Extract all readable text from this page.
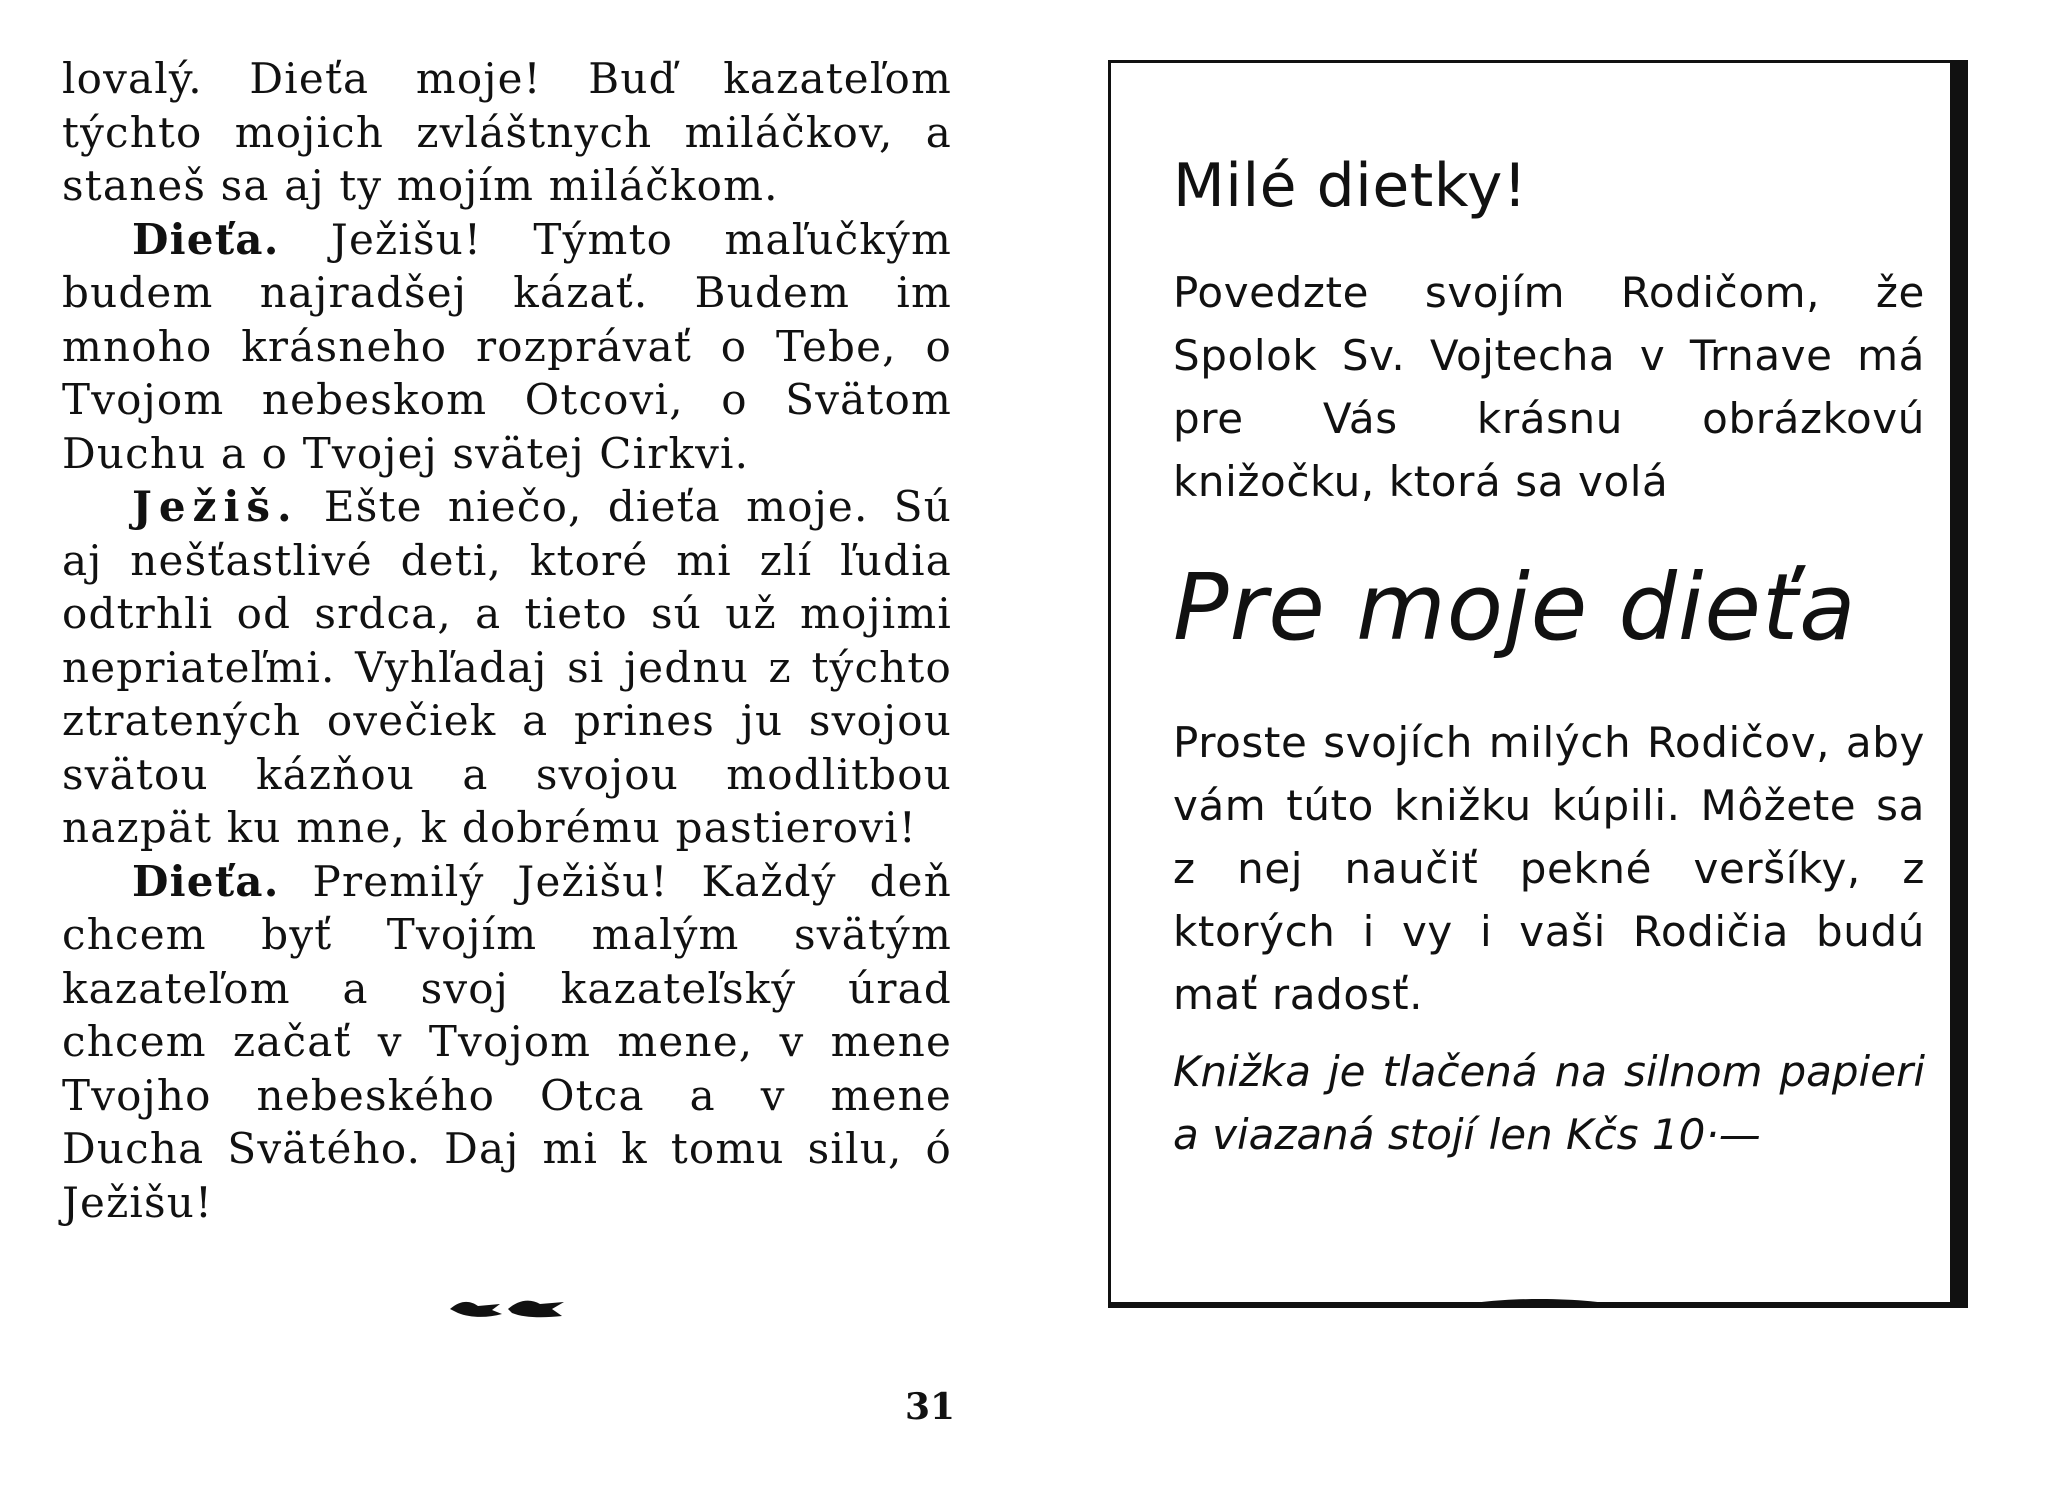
lovalý. Dieťa moje! Buď kazateľom týchto mojich zvláštnych miláčkov, a staneš sa aj ty mojím miláčkom.

Dieťa. Ježišu! Týmto maľučkým budem najradšej kázať. Budem im mnoho krásneho rozprávať o Tebe, o Tvojom nebeskom Otcovi, o Svätom Duchu a o Tvojej svätej Cirkvi.

Ježiš. Ešte niečo, dieťa moje. Sú aj nešťastlivé deti, ktoré mi zlí ľudia odtrhli od srdca, a tieto sú už mojimi nepriateľmi. Vyhľadaj si jednu z týchto ztratených ovečiek a prines ju svojou svätou kázňou a svojou modlitbou nazpät ku mne, k dobrému pastierovi!

Dieťa. Premilý Ježišu! Každý deň chcem byť Tvojím malým svätým kazateľom a svoj kazateľský úrad chcem začať v Tvojom mene, v mene Tvojho nebeského Otca a v mene Ducha Svätého. Daj mi k tomu silu, ó Ježišu!

31
Milé dietky!

Povedzte svojím Rodičom, že Spolok Sv. Vojtecha v Trnave má pre Vás krásnu obrázkovú knižočku, ktorá sa volá

Pre moje dieťa

Proste svojích milých Rodičov, aby vám túto knižku kúpili. Môžete sa z nej naučiť pekné veršíky, z ktorých i vy i vaši Rodičia budú mať radosť.

Knižka je tlačená na silnom papieri a viazaná stojí len Kčs 10·—
